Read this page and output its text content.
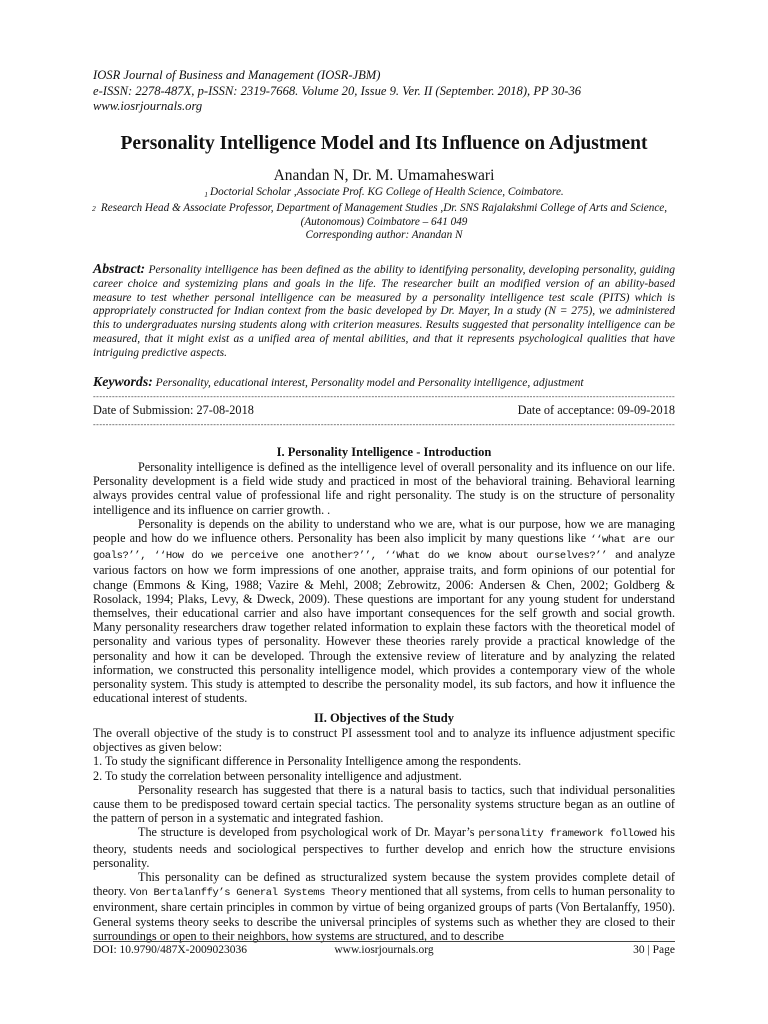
IOSR Journal of Business and Management (IOSR-JBM)
e-ISSN: 2278-487X, p-ISSN: 2319-7668. Volume 20, Issue 9. Ver. II (September. 2018), PP 30-36
www.iosrjournals.org
Personality Intelligence Model and Its Influence on Adjustment
Anandan N, Dr. M. Umamaheswari
$_1$ Doctorial Scholar ,Associate Prof. KG College of Health Science, Coimbatore.
2 Research Head & Associate Professor, Department of Management Studies ,Dr. SNS Rajalakshmi College of Arts and Science, (Autonomous) Coimbatore – 641 049
Corresponding author: Anandan N
Abstract: Personality intelligence has been defined as the ability to identifying personality, developing personality, guiding career choice and systemizing plans and goals in the life. The researcher built an modified version of an ability-based measure to test whether personal intelligence can be measured by a personality intelligence test scale (PITS) which is appropriately constructed for Indian context from the basic developed by Dr. Mayer, In a study (N = 275), we administered this to undergraduates nursing students along with criterion measures. Results suggested that personality intelligence can be measured, that it might exist as a unified area of mental abilities, and that it represents psychological qualities that have intriguing predictive aspects.
Keywords: Personality, educational interest, Personality model and Personality intelligence, adjustment
----------------------------------------------------------------------------------------------------------------------------------------------------------------------------------------
Date of Submission: 27-08-2018	Date of acceptance: 09-09-2018
----------------------------------------------------------------------------------------------------------------------------------------------------------------------------------------
I. Personality Intelligence - Introduction

Personality intelligence is defined as the intelligence level of overall personality and its influence on our life. Personality development is a field wide study and practiced in most of the behavioral training. Behavioral learning always provides central value of professional life and right personality. The study is on the structure of personality intelligence and its influence on carrier growth. .

Personality is depends on the ability to understand who we are, what is our purpose, how we are managing people and how do we influence others. Personality has been also implicit by many questions like ‘‘what are our goals?’’, ‘‘How do we perceive one another?’’, ‘‘What do we know about ourselves?’’ and analyze various factors on how we form impressions of one another, appraise traits, and form opinions of our potential for change (Emmons & King, 1988; Vazire & Mehl, 2008; Zebrowitz, 2006: Andersen & Chen, 2002; Goldberg & Rosolack, 1994; Plaks, Levy, & Dweck, 2009). These questions are important for any young student for understand themselves, their educational carrier and also have important consequences for the self growth and social growth. Many personality researchers draw together related information to explain these factors with the theoretical model of personality and various types of personality. However these theories rarely provide a practical knowledge of the personality and how it can be developed. Through the extensive review of literature and by analyzing the related information, we constructed this personality intelligence model, which provides a contemporary view of the whole personality system. This study is attempted to describe the personality model, its sub factors, and how it influence the educational interest of students.

II. Objectives of the Study

The overall objective of the study is to construct PI assessment tool and to analyze its influence adjustment specific objectives as given below:

1. To study the significant difference in Personality Intelligence among the respondents.
2. To study the correlation between personality intelligence and adjustment.

Personality research has suggested that there is a natural basis to tactics, such that individual personalities cause them to be predisposed toward certain special tactics. The personality systems structure began as an outline of the pattern of person in a systematic and integrated fashion.

The structure is developed from psychological work of Dr. Mayar’s personality framework followed his theory, students needs and sociological perspectives to further develop and enrich how the structure envisions personality.

This personality can be defined as structuralized system because the system provides complete detail of theory. Von Bertalanffy’s General Systems Theory mentioned that all systems, from cells to human personality to environment, share certain principles in common by virtue of being organized groups of parts (Von Bertalanffy, 1950). General systems theory seeks to describe the universal principles of systems such as whether they are closed to their surroundings or open to their neighbors, how systems are structured, and to describe

DOI: 10.9790/487X-2009023036	www.iosrjournals.org	30 | Page
